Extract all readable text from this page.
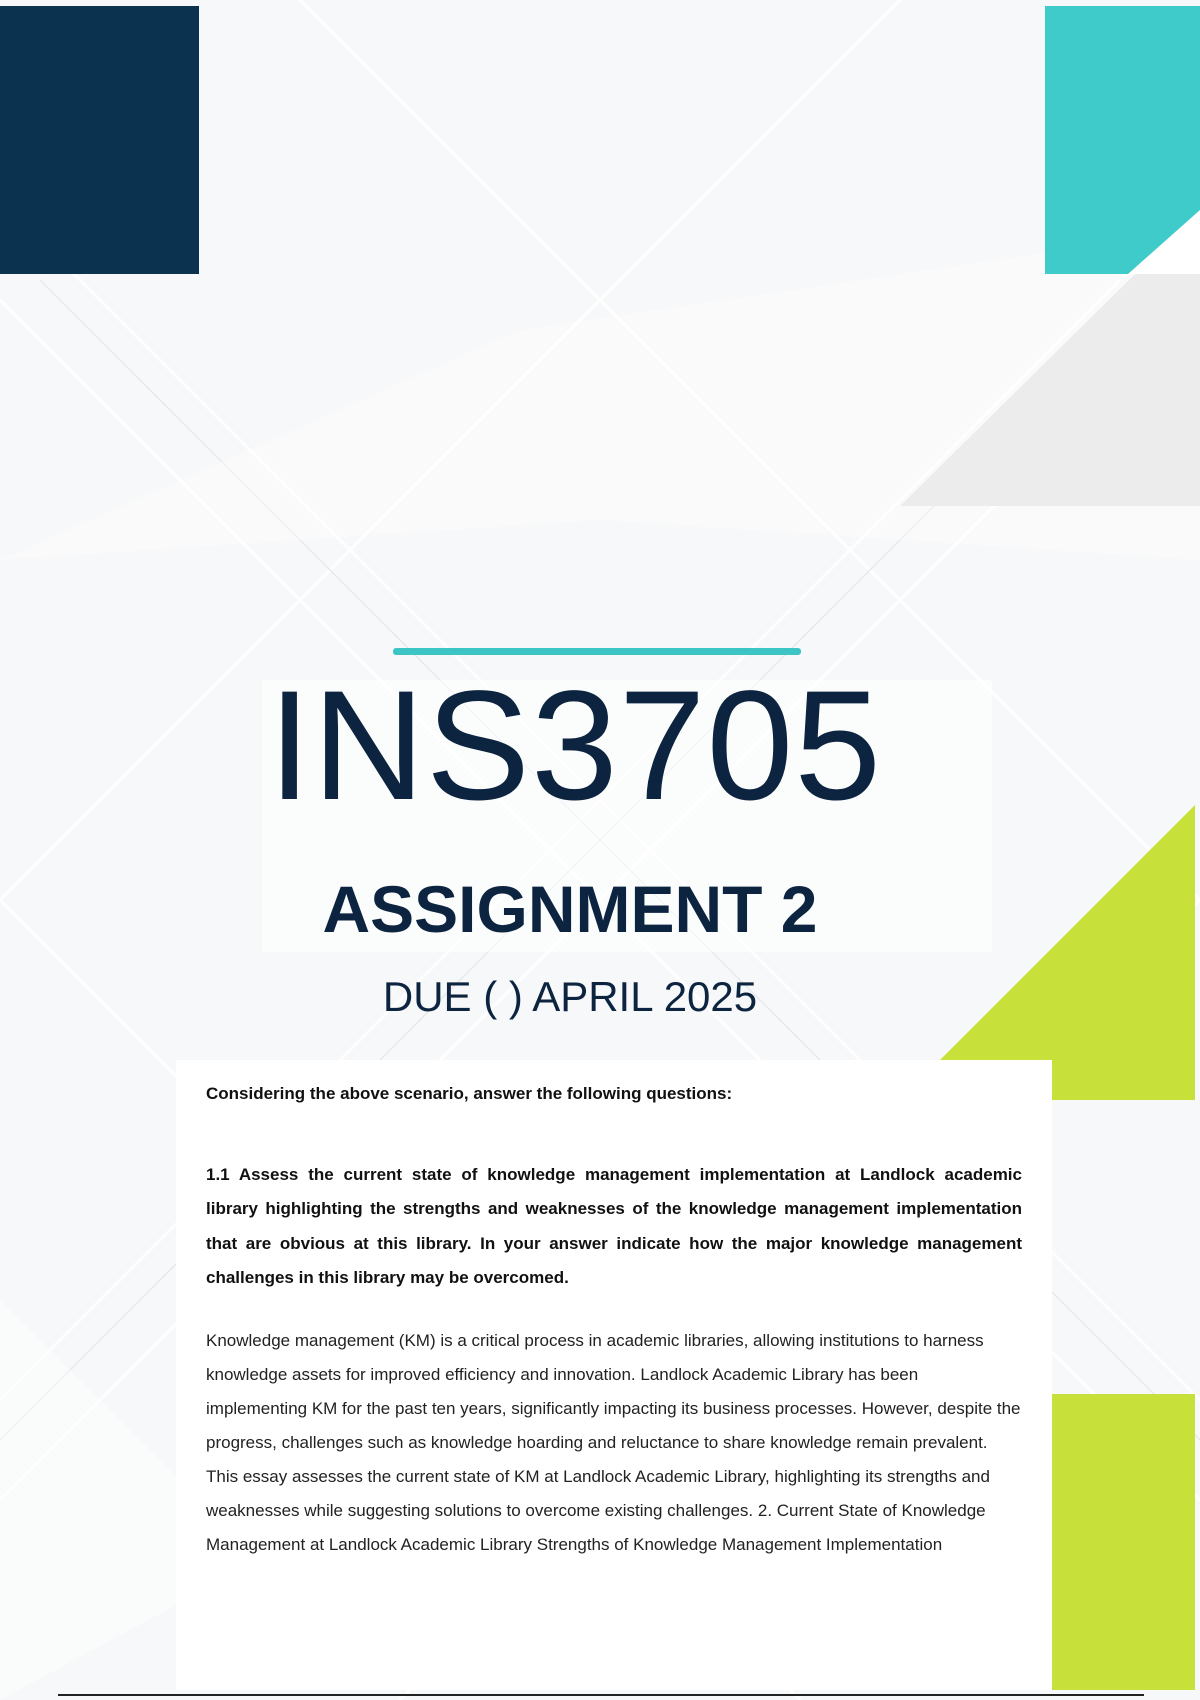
INS3705
ASSIGNMENT 2
DUE ( ) APRIL 2025

Considering the above scenario, answer the following questions:

1.1 Assess the current state of knowledge management implementation at Landlock academic library highlighting the strengths and weaknesses of the knowledge management implementation that are obvious at this library. In your answer indicate how the major knowledge management challenges in this library may be overcomed.

Knowledge management (KM) is a critical process in academic libraries, allowing institutions to harness knowledge assets for improved efficiency and innovation. Landlock Academic Library has been implementing KM for the past ten years, significantly impacting its business processes. However, despite the progress, challenges such as knowledge hoarding and reluctance to share knowledge remain prevalent. This essay assesses the current state of KM at Landlock Academic Library, highlighting its strengths and weaknesses while suggesting solutions to overcome existing challenges. 2. Current State of Knowledge Management at Landlock Academic Library Strengths of Knowledge Management Implementation
